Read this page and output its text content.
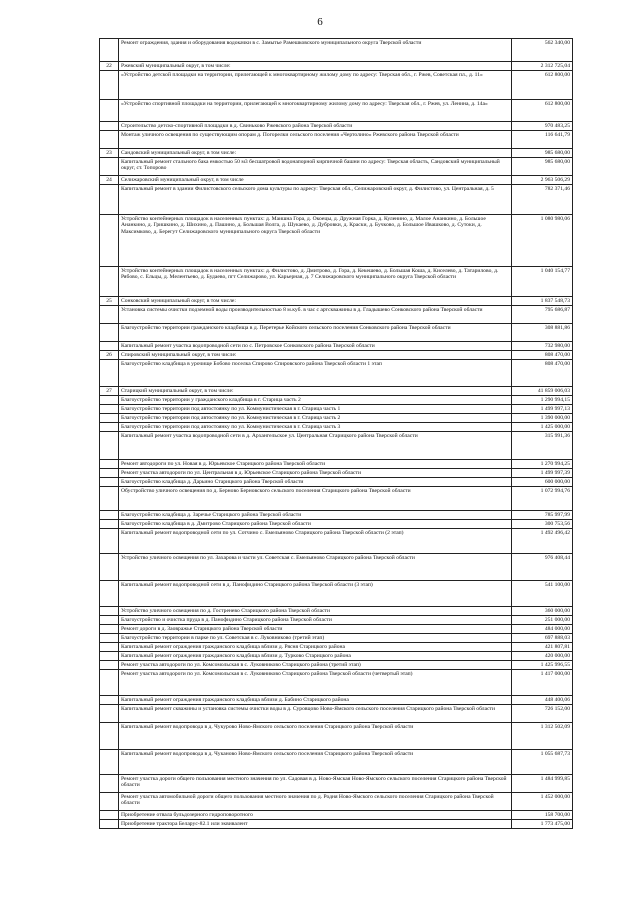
6
	Ремонт ограждения, здания и оборудования водокачки в с. Замытье Рамешковского муниципального округа Тверской области	562 340,00
22	Ржевский муниципальный округ, в том числе:	2 312 725,04
	«Устройство детской площадки на территории, прилегающей к многоквартирному жилому дому по адресу: Тверская обл., г. Ржев, Советская пл., д. 11»	612 800,00
	«Устройство спортивной площадки на территории, прилегающей к многоквартирному жилому дому по адресу: Тверская обл., г. Ржев, ул. Ленина, д. 14а»	612 800,00
	Строительство детско-спортивной площадки в д. Свиньково Ржевского района Тверской области	970 483,25
	Монтаж уличного освещения по существующим опорам д. Погорелки сельского поселения «Чертолино» Ржевского района Тверской области	116 641,79
23	Сандовский муниципальный округ, в том числе:	985 680,00
	Капитальный ремонт стального бака емкостью 50 м3 бесшатровой водонапорной кирпичной башни по адресу: Тверская область, Сандовский муниципальный округ, ст. Топорово	985 680,00
24	Селижаровский муниципальный округ, в том числе	2 963 506,29
	Капитальный ремонт в здании Филистовского сельского дома культуры по адресу: Тверская обл., Селижаровский округ, д. Филистово, ул. Центральная, д. 5	782 371,46
	Устройство контейнерных площадок в населенных пунктах: д. Маишна Гора, д. Окоецы, д. Дружная Горка, д. Куленино, д. Малое Ананкино, д. Большое Ананкино, д. Гришкино, д. Шихино, д. Пашино, д. Большая Волга, д. Шукаево, д. Дубровки, д. Краски, д. Бучково, д. Большое Ивашково, д. Сутоки, д. Максимково, д. Берегут Селижаровского муниципального округа Тверской области	1 080 980,06
	Устройство контейнерных площадок в населенных пунктах: д. Филистово, д. Дмитрово, д. Гора, д. Кекешево, д. Большая Коша, д. Киселево, д. Татарилово, д. Рябово, с. Ельцы, д. Мелентьево, д. Будаево, пгт Селижарово, ул. Карьерная, д. 7 Селижаровского муниципального округа Тверской области	1 040 154,77
25	Сонковский муниципальный округ, в том числе:	1 837 548,73
	Установка системы очистки подземной воды производительностью 8 м.куб. в час с артскважины в д. Гладышево Сонковского района Тверской области	795 686,87
	Благоустройство территории гражданского кладбища в д. Перетерье Койского сельского поселения Сонковского района Тверской области	308 881,86
	Капитальный ремонт участка водопроводной сети по с. Петровское Сонковского района Тверской области	732 980,00
26	Спировский муниципальный округ, в том числе:	808 470,00
	Благоустройство кладбища в урочище Бобово поселка Спирово Спировского района Тверской области 1 этап	808 470,00
27	Старицкий муниципальный округ, в том числе:	41 859 006,03
	Благоустройство территории у гражданского кладбища в г. Старица часть 2	1 290 994,15
	Благоустройство территории под автостоянку по ул. Коммунистическая в г. Старица часть 1	1 499 997,13
	Благоустройство территории под автостоянку по ул. Коммунистическая в г. Старица часть 2	1 390 000,00
	Благоустройство территории под автостоянку по ул. Коммунистическая в г. Старица часть 3	1 425 000,00
	Капитальный ремонт участка водопроводной сети в д. Архангельское ул. Центральная Старицкого района Тверской области	315 991,36
	Ремонт автодороги по ул. Новая в д. Юрьевское Старицкого района Тверской области	1 270 994,25
	Ремонт участка автодороги по ул. Центральная в д. Юрьевское Старицкого района Тверской области	1 499 997,39
	Благоустройство кладбища д. Дарьино Старицкого района Тверской области	600 000,00
	Обустройство уличного освещения по д. Берново Берновского сельского поселения Старицкого района Тверской области	1 072 994,76
	Благоустройство кладбища д. Заречье Старицкого района Тверской области	785 997,99
	Благоустройство кладбища в д. Дмитрово Старицкого района Тверской области	300 753,56
	Капитальный ремонт водопроводной сети по ул. Сотчино с. Емельяново Старицкого района Тверской области (2 этап)	1 492 496,42
	Устройство уличного освещения по ул. Захарова и части ул. Советская с. Емельяново Старицкого района Тверской области	976 408,44
	Капитальный ремонт водопроводной сети в д. Панофидино Старицкого района Тверской области (3 этап)	541 100,00
	Устройство уличного освещения по д. Гостренево Старицкого района Тверской области	360 000,00
	Благоустройство и очистка пруда в д. Панофидино Старицкого района Тверской области	251 000,00
	Ремонт дороги в д. Заовражье Старицкого района Тверской области	484 000,00
	Благоустройство территории в парке по ул. Советская в с. Луковниково (третий этап)	697 888,03
	Капитальный ремонт ограждения гражданского кладбища вблизи д. Рясня Старицкого района	421 807,81
	Капитальный ремонт ограждения гражданского кладбища вблизи д. Турково Старицкого района	420 000,00
	Ремонт участка автодороги по ул. Комсомольская в с. Луковниково Старицкого района (третий этап)	1 425 996,55
	Ремонт участка автодороги по ул. Комсомольская в с. Луковниково Старицкого района Тверской области (четвертый этап)	1 417 000,00
	Капитальный ремонт ограждения гражданского кладбища вблизи д. Бабино Старицкого района	448 400,06
	Капитальный ремонт скважины и установка системы очистки воды в д. Суровцово Ново-Ямского сельского поселения Старицкого района Тверской области	726 152,00
	Капитальный ремонт водопровода в д. Чукурово Ново-Ямского сельского поселения Старицкого района Тверской области	1 312 502,09
	Капитальный ремонт водопровода в д. Чуканово Ново-Ямского сельского поселения Старицкого района Тверской области	1 055 687,73
	Ремонт участка дороги общего пользования местного значения по ул. Садовая в д. Ново-Ямская Ново-Ямского сельского поселения Старицкого района Тверской области	1 484 999,85
	Ремонт участка автомобильной дороги общего пользования местного значения по д. Родня Ново-Ямского сельского поселения Старицкого района Тверской области	1 452 000,00
	Приобретение отвала бульдозерного гидроповоротного	158 700,00
	Приобретение трактора Беларус-82.1 или эквивалент	1 773 475,00
